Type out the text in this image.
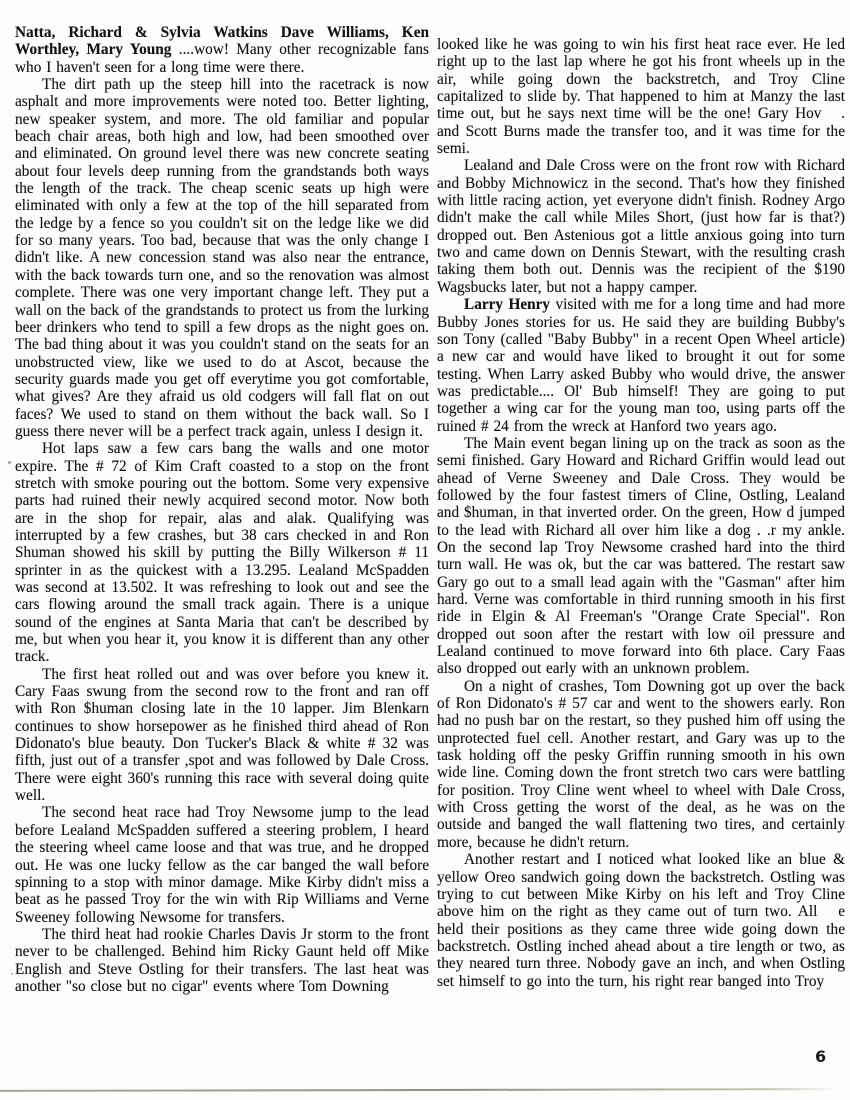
Natta, Richard & Sylvia Watkins Dave Williams, Ken Worthley, Mary Young ....wow! Many other recognizable fans who I haven't seen for a long time were there.

The dirt path up the steep hill into the racetrack is now asphalt and more improvements were noted too. Better lighting, new speaker system, and more. The old familiar and popular beach chair areas, both high and low, had been smoothed over and eliminated. On ground level there was new concrete seating about four levels deep running from the grandstands both ways the length of the track. The cheap scenic seats up high were eliminated with only a few at the top of the hill separated from the ledge by a fence so you couldn't sit on the ledge like we did for so many years. Too bad, because that was the only change I didn't like. A new concession stand was also near the entrance, with the back towards turn one, and so the renovation was almost complete. There was one very important change left. They put a wall on the back of the grandstands to protect us from the lurking beer drinkers who tend to spill a few drops as the night goes on. The bad thing about it was you couldn't stand on the seats for an unobstructed view, like we used to do at Ascot, because the security guards made you get off everytime you got comfortable, what gives? Are they afraid us old codgers will fall flat on out faces? We used to stand on them without the back wall. So I guess there never will be a perfect track again, unless I design it.

Hot laps saw a few cars bang the walls and one motor expire. The # 72 of Kim Craft coasted to a stop on the front stretch with smoke pouring out the bottom. Some very expensive parts had ruined their newly acquired second motor. Now both are in the shop for repair, alas and alak. Qualifying was interrupted by a few crashes, but 38 cars checked in and Ron Shuman showed his skill by putting the Billy Wilkerson # 11 sprinter in as the quickest with a 13.295. Lealand McSpadden was second at 13.502. It was refreshing to look out and see the cars flowing around the small track again. There is a unique sound of the engines at Santa Maria that can't be described by me, but when you hear it, you know it is different than any other track.

The first heat rolled out and was over before you knew it. Cary Faas swung from the second row to the front and ran off with Ron $human closing late in the 10 lapper. Jim Blenkarn continues to show horsepower as he finished third ahead of Ron Didonato's blue beauty. Don Tucker's Black & white # 32 was fifth, just out of a transfer ,spot and was followed by Dale Cross. There were eight 360's running this race with several doing quite well.

The second heat race had Troy Newsome jump to the lead before Lealand McSpadden suffered a steering problem, I heard the steering wheel came loose and that was true, and he dropped out. He was one lucky fellow as the car banged the wall before spinning to a stop with minor damage. Mike Kirby didn't miss a beat as he passed Troy for the win with Rip Williams and Verne Sweeney following Newsome for transfers.

The third heat had rookie Charles Davis Jr storm to the front never to be challenged. Behind him Ricky Gaunt held off Mike English and Steve Ostling for their transfers. The last heat was another "so close but no cigar" events where Tom Downing

looked like he was going to win his first heat race ever. He led right up to the last lap where he got his front wheels up in the air, while going down the backstretch, and Troy Cline capitalized to slide by. That happened to him at Manzy the last time out, but he says next time will be the one! Gary Hov   . and Scott Burns made the transfer too, and it was time for the semi.

Lealand and Dale Cross were on the front row with Richard and Bobby Michnowicz in the second. That's how they finished with little racing action, yet everyone didn't finish. Rodney Argo didn't make the call while Miles Short, (just how far is that?) dropped out. Ben Astenious got a little anxious going into turn two and came down on Dennis Stewart, with the resulting crash taking them both out. Dennis was the recipient of the $190 Wagsbucks later, but not a happy camper.

Larry Henry visited with me for a long time and had more Bubby Jones stories for us. He said they are building Bubby's son Tony (called "Baby Bubby" in a recent Open Wheel article) a new car and would have liked to brought it out for some testing. When Larry asked Bubby who would drive, the answer was predictable.... Ol' Bub himself! They are going to put together a wing car for the young man too, using parts off the ruined # 24 from the wreck at Hanford two years ago.

The Main event began lining up on the track as soon as the semi finished. Gary Howard and Richard Griffin would lead out ahead of Verne Sweeney and Dale Cross. They would be followed by the four fastest timers of Cline, Ostling, Lealand and $human, in that inverted order. On the green, How d jumped to the lead with Richard all over him like a dog . .r my ankle. On the second lap Troy Newsome crashed hard into the third turn wall. He was ok, but the car was battered. The restart saw Gary go out to a small lead again with the "Gasman" after him hard. Verne was comfortable in third running smooth in his first ride in Elgin & Al Freeman's "Orange Crate Special". Ron dropped out soon after the restart with low oil pressure and Lealand continued to move forward into 6th place. Cary Faas also dropped out early with an unknown problem.

On a night of crashes, Tom Downing got up over the back of Ron Didonato's # 57 car and went to the showers early. Ron had no push bar on the restart, so they pushed him off using the unprotected fuel cell. Another restart, and Gary was up to the task holding off the pesky Griffin running smooth in his own wide line. Coming down the front stretch two cars were battling for position. Troy Cline went wheel to wheel with Dale Cross, with Cross getting the worst of the deal, as he was on the outside and banged the wall flattening two tires, and certainly more, because he didn't return.

Another restart and I noticed what looked like an blue & yellow Oreo sandwich going down the backstretch. Ostling was trying to cut between Mike Kirby on his left and Troy Cline above him on the right as they came out of turn two. All   e held their positions as they came three wide going down the backstretch. Ostling inched ahead about a tire length or two, as they neared turn three. Nobody gave an inch, and when Ostling set himself to go into the turn, his right rear banged into Troy

6
